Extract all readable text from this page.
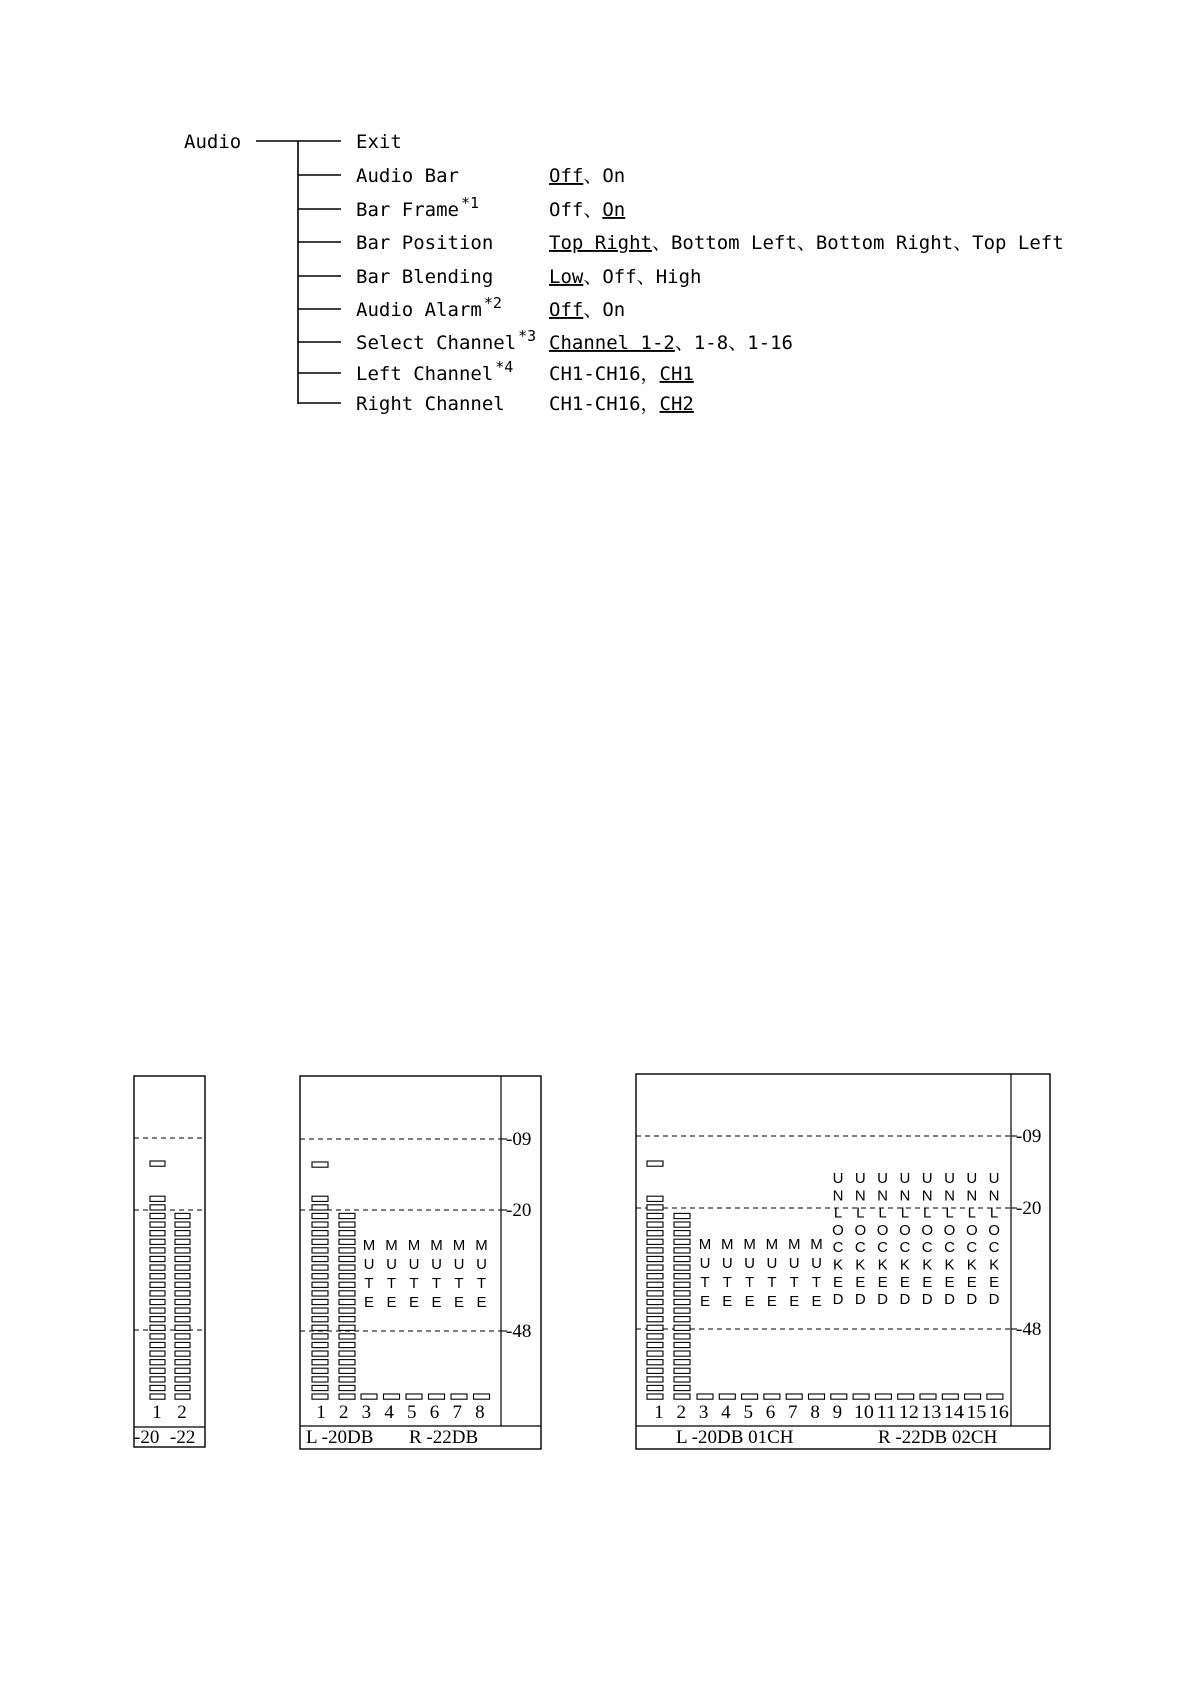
Audio	Exit
Audio Bar	Off、On
Bar Frame *1	Off、On
Bar Position	Top Right、Bottom Left、Bottom Right、Top Left
Bar Blending	Low、Off、High
Audio Alarm *2 Off、On
Select Channel *3 Channel 1-2、1-8、1-16
Left Channel *4 CH1-CH16，CH1
Right Channel CH1-CH16，CH2
1 2
-20 -22
-09
-20
-48
M U T E
M U T E
M U T E
M U T E
M U T E
M U T E
1 2 3 4 5 6 7 8
L -20DB R -22DB
-09
-20
-48
M U T E
M U T E
M U T E
M U T E
M U T E
M U T E
U N L O C K E D
U N L O C K E D
U N L O C K E D
U N L O C K E D
U N L O C K E D
U N L O C K E D
U N L O C K E D
U N L O C K E D
1 2 3 4 5 6 7 8 9 10 11 12 13 14 15 16
L -20DB 01CH	R -22DB 02CH
